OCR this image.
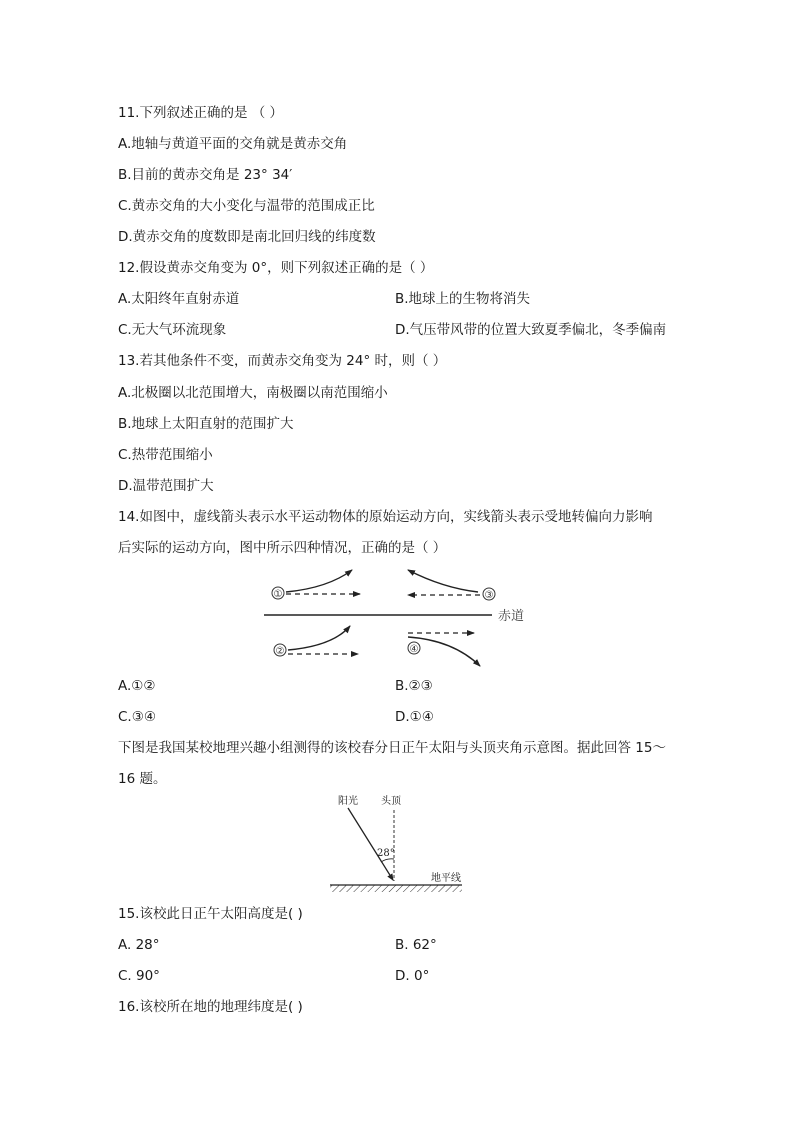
11.下列叙述正确的是 （ ）
A.地轴与黄道平面的交角就是黄赤交角
B.目前的黄赤交角是 23° 34′
C.黄赤交角的大小变化与温带的范围成正比
D.黄赤交角的度数即是南北回归线的纬度数
12.假设黄赤交角变为 0°，则下列叙述正确的是（ ）
A.太阳终年直射赤道	B.地球上的生物将消失
C.无大气环流现象	D.气压带风带的位置大致夏季偏北，冬季偏南
13.若其他条件不变，而黄赤交角变为 24° 时，则（ ）
A.北极圈以北范围增大，南极圈以南范围缩小
B.地球上太阳直射的范围扩大
C.热带范围缩小
D.温带范围扩大
14.如图中，虚线箭头表示水平运动物体的原始运动方向，实线箭头表示受地转偏向力影响
后实际的运动方向，图中所示四种情况，正确的是（ ）
赤道
①	③
②	④
A.①②	B.②③
C.③④	D.①④
下图是我国某校地理兴趣小组测得的该校春分日正午太阳与头顶夹角示意图。据此回答 15～
16 题。
阳光 头顶
28°
地平线
15.该校此日正午太阳高度是( )
A. 28°	B. 62°
C. 90°	D. 0°
16.该校所在地的地理纬度是( )
